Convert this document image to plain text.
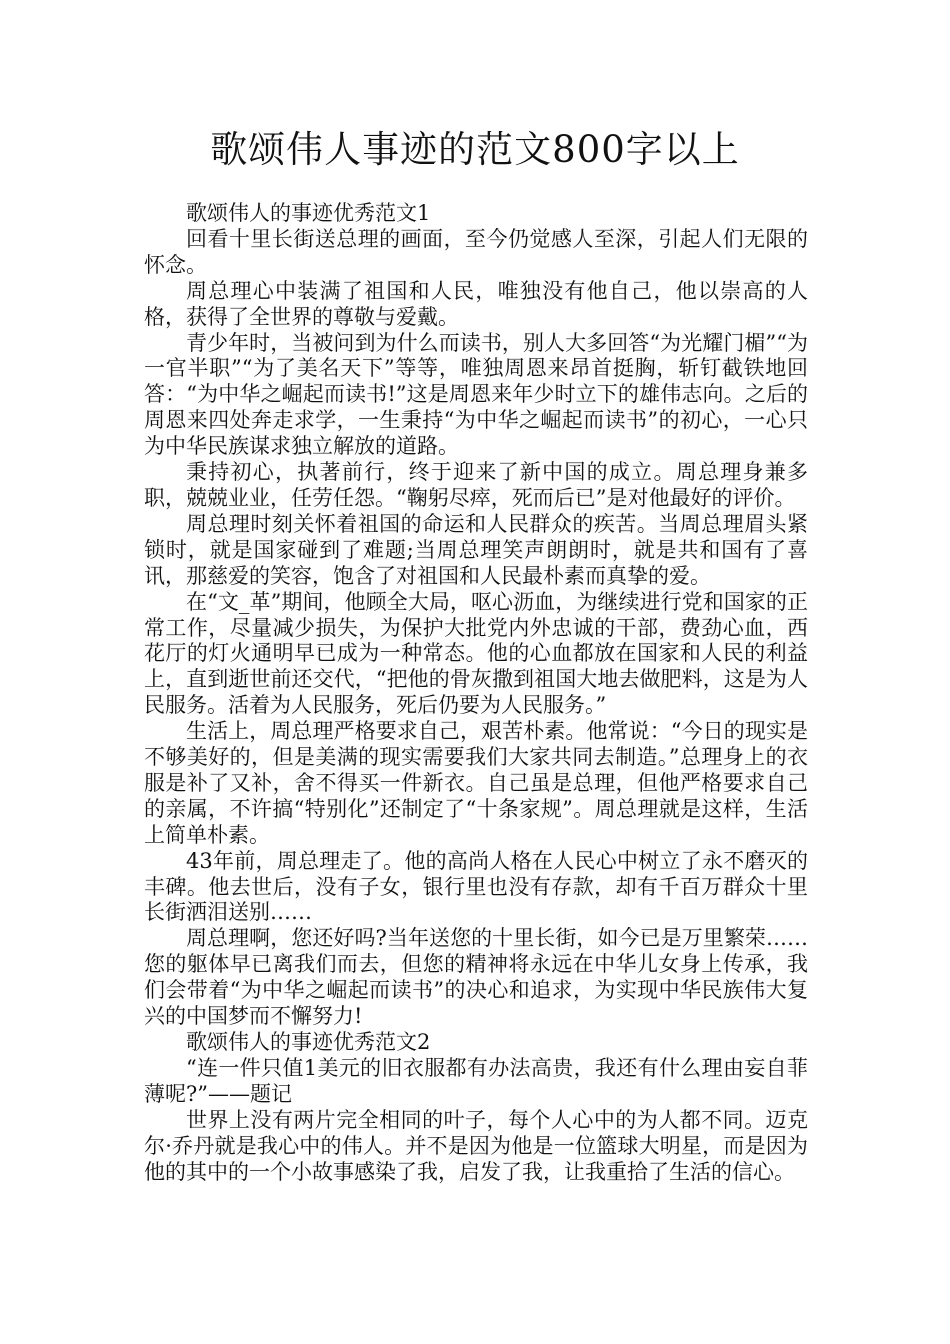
歌颂伟人事迹的范文800字以上

歌颂伟人的事迹优秀范文1

回看十里长街送总理的画面，至今仍觉感人至深，引起人们无限的怀念。

周总理心中装满了祖国和人民，唯独没有他自己，他以崇高的人格，获得了全世界的尊敬与爱戴。

青少年时，当被问到为什么而读书，别人大多回答“为光耀门楣”“为一官半职”“为了美名天下”等等，唯独周恩来昂首挺胸，斩钉截铁地回答：“为中华之崛起而读书!”这是周恩来年少时立下的雄伟志向。之后的周恩来四处奔走求学，一生秉持“为中华之崛起而读书”的初心，一心只为中华民族谋求独立解放的道路。

秉持初心，执著前行，终于迎来了新中国的成立。周总理身兼多职，兢兢业业，任劳任怨。“鞠躬尽瘁，死而后已”是对他最好的评价。

周总理时刻关怀着祖国的命运和人民群众的疾苦。当周总理眉头紧锁时，就是国家碰到了难题;当周总理笑声朗朗时，就是共和国有了喜讯，那慈爱的笑容，饱含了对祖国和人民最朴素而真挚的爱。

在“文_革”期间，他顾全大局，呕心沥血，为继续进行党和国家的正常工作，尽量减少损失，为保护大批党内外忠诚的干部，费劲心血，西花厅的灯火通明早已成为一种常态。他的心血都放在国家和人民的利益上，直到逝世前还交代，“把他的骨灰撒到祖国大地去做肥料，这是为人民服务。活着为人民服务，死后仍要为人民服务。”

生活上，周总理严格要求自己，艰苦朴素。他常说：“今日的现实是不够美好的，但是美满的现实需要我们大家共同去制造。”总理身上的衣服是补了又补，舍不得买一件新衣。自己虽是总理，但他严格要求自己的亲属，不许搞“特别化”还制定了“十条家规”。周总理就是这样，生活上简单朴素。

43年前，周总理走了。他的高尚人格在人民心中树立了永不磨灭的丰碑。他去世后，没有子女，银行里也没有存款，却有千百万群众十里长街洒泪送别……

周总理啊，您还好吗?当年送您的十里长街，如今已是万里繁荣……您的躯体早已离我们而去，但您的精神将永远在中华儿女身上传承，我们会带着“为中华之崛起而读书”的决心和追求，为实现中华民族伟大复兴的中国梦而不懈努力!

歌颂伟人的事迹优秀范文2

“连一件只值1美元的旧衣服都有办法高贵，我还有什么理由妄自菲薄呢?”——题记

世界上没有两片完全相同的叶子，每个人心中的为人都不同。迈克尔·乔丹就是我心中的伟人。并不是因为他是一位篮球大明星，而是因为他的其中的一个小故事感染了我，启发了我，让我重拾了生活的信心。
